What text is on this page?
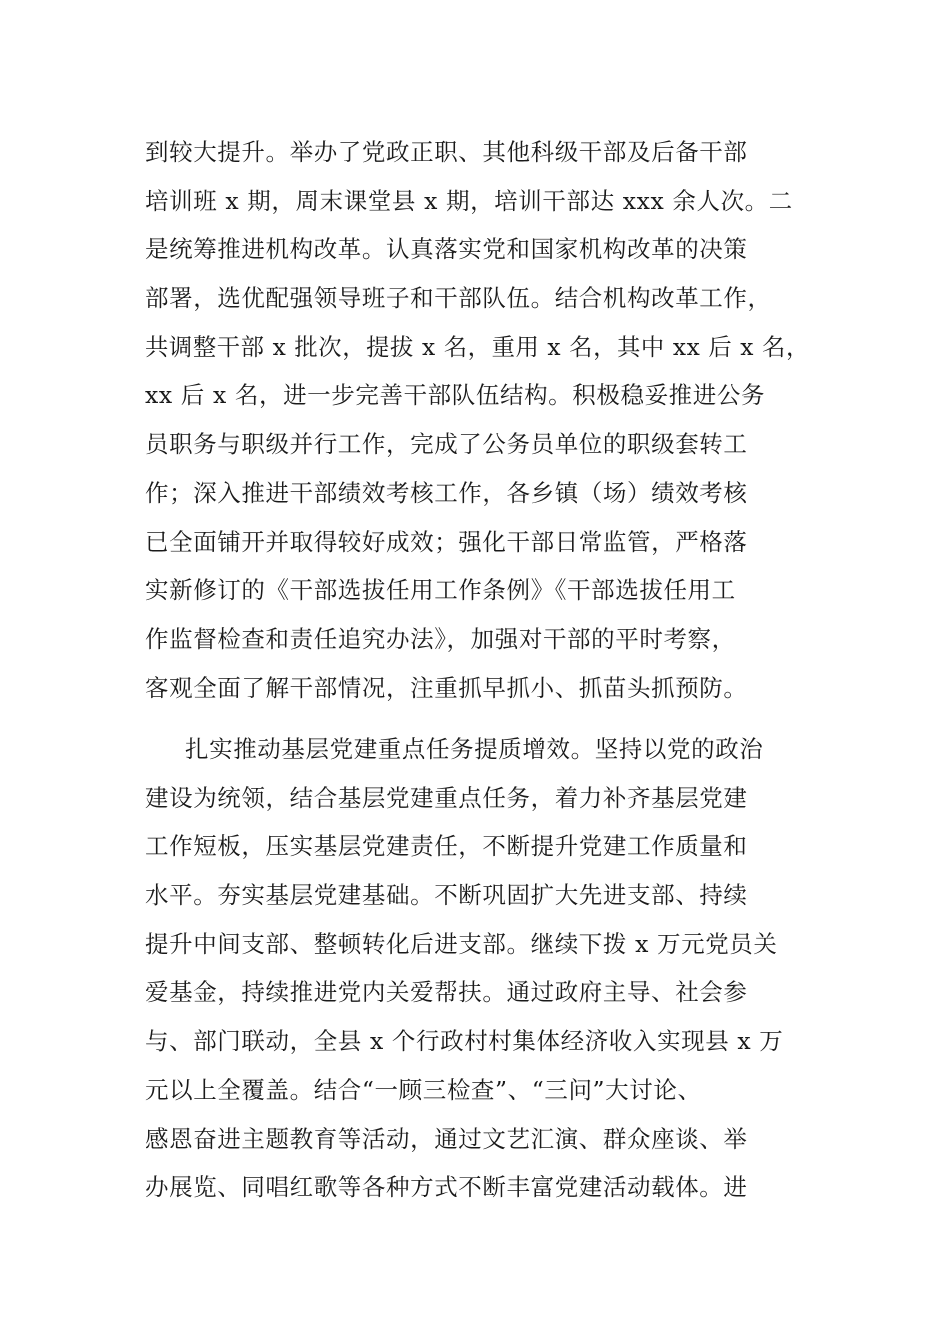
到较大提升。举办了党政正职、其他科级干部及后备干部
培训班 x 期，周末课堂县 x 期，培训干部达 xxx 余人次。二
是统筹推进机构改革。认真落实党和国家机构改革的决策
部署，选优配强领导班子和干部队伍。结合机构改革工作，
共调整干部 x 批次，提拔 x 名，重用 x 名，其中 xx 后 x 名，
xx 后 x 名，进一步完善干部队伍结构。积极稳妥推进公务
员职务与职级并行工作，完成了公务员单位的职级套转工
作；深入推进干部绩效考核工作，各乡镇（场）绩效考核
已全面铺开并取得较好成效；强化干部日常监管，严格落
实新修订的《干部选拔任用工作条例》《干部选拔任用工
作监督检查和责任追究办法》，加强对干部的平时考察，
客观全面了解干部情况，注重抓早抓小、抓苗头抓预防。
扎实推动基层党建重点任务提质增效。坚持以党的政治
建设为统领，结合基层党建重点任务，着力补齐基层党建
工作短板，压实基层党建责任，不断提升党建工作质量和
水平。夯实基层党建基础。不断巩固扩大先进支部、持续
提升中间支部、整顿转化后进支部。继续下拨 x 万元党员关
爱基金，持续推进党内关爱帮扶。通过政府主导、社会参
与、部门联动，全县 x 个行政村村集体经济收入实现县 x 万
元以上全覆盖。结合“一顾三检查”、“三问”大讨论、
感恩奋进主题教育等活动，通过文艺汇演、群众座谈、举
办展览、同唱红歌等各种方式不断丰富党建活动载体。进
